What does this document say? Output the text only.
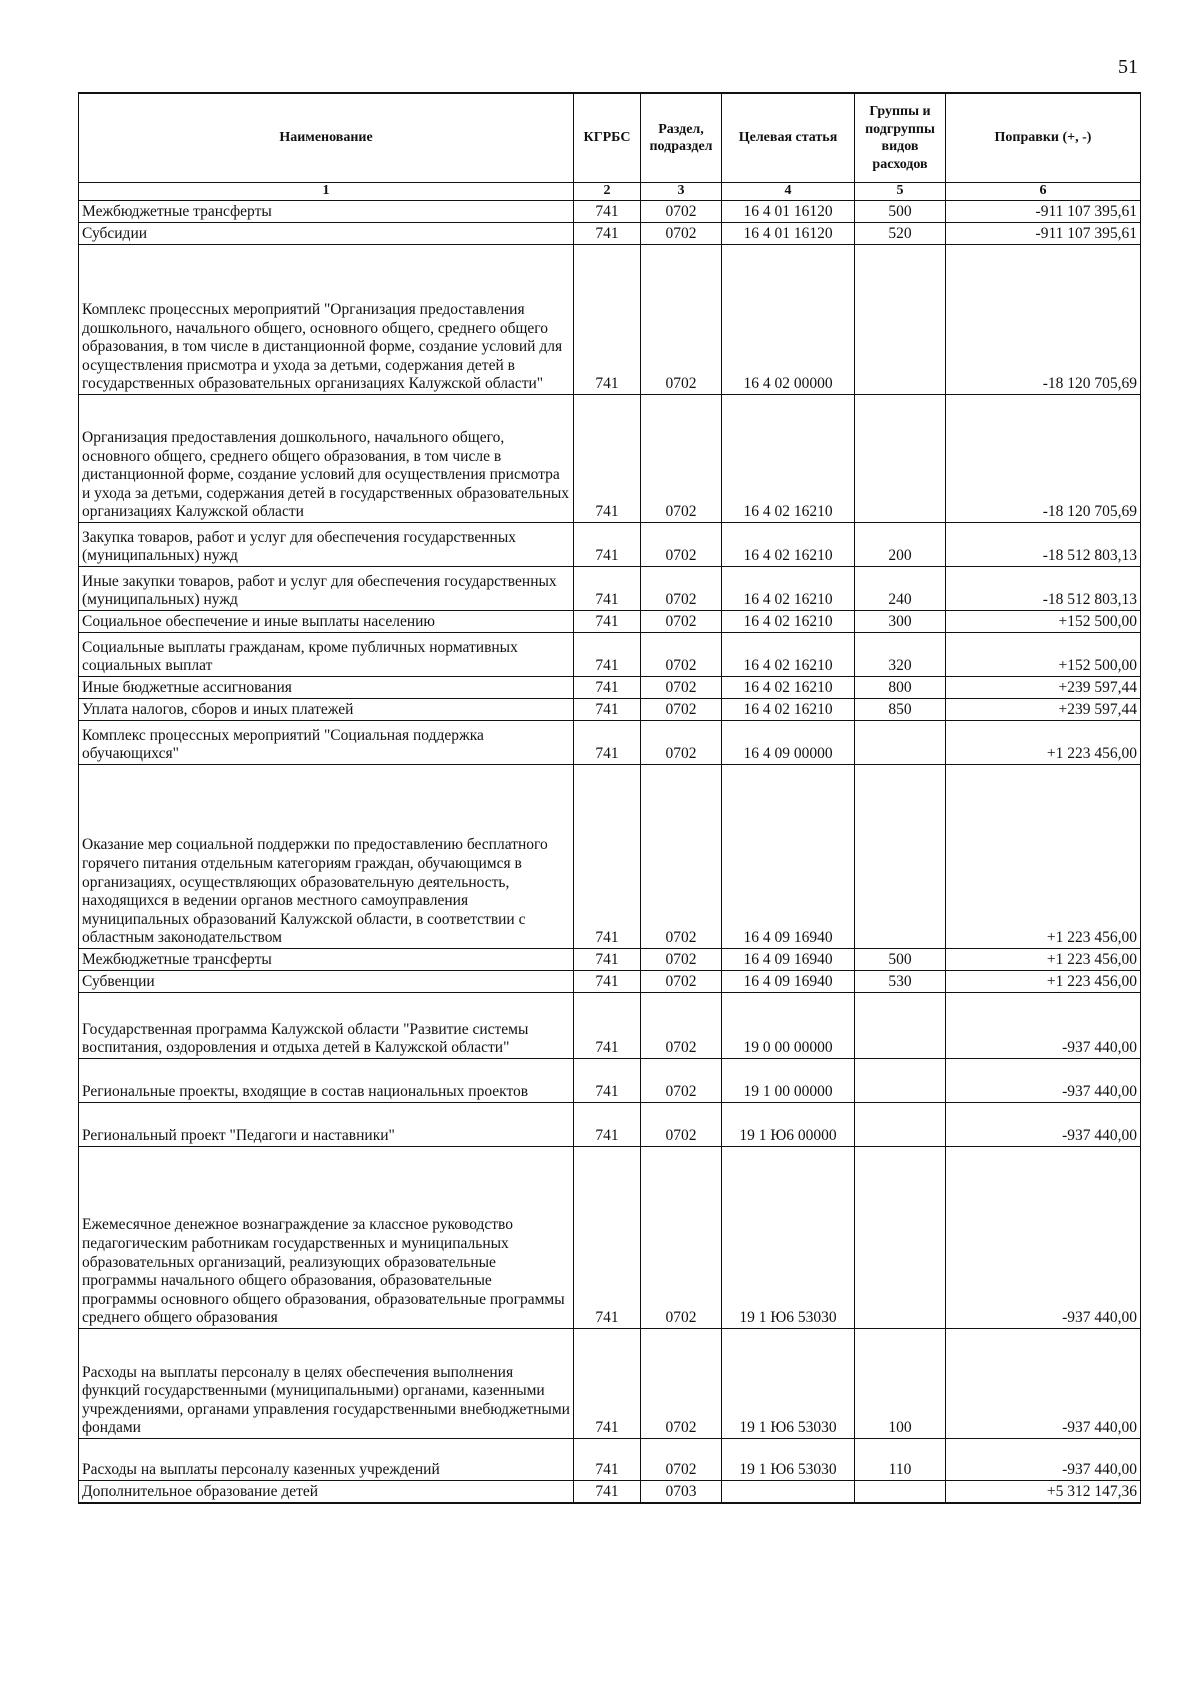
51
Наименование	КГРБС	Раздел, подраздел	Целевая статья	Группы и подгруппы видов расходов	Поправки (+, -)
1	2	3	4	5	6
Межбюджетные трансферты	741	0702	16 4 01 16120	500	-911 107 395,61
Субсидии	741	0702	16 4 01 16120	520	-911 107 395,61
Комплекс процессных мероприятий "Организация предоставления дошкольного, начального общего, основного общего, среднего общего образования, в том числе в дистанционной форме, создание условий для осуществления присмотра и ухода за детьми, содержания детей в государственных образовательных организациях Калужской области"	741	0702	16 4 02 00000		-18 120 705,69
Организация предоставления дошкольного, начального общего, основного общего, среднего общего образования, в том числе в дистанционной форме, создание условий для осуществления присмотра и ухода за детьми, содержания детей в государственных образовательных организациях Калужской области	741	0702	16 4 02 16210		-18 120 705,69
Закупка товаров, работ и услуг для обеспечения государственных (муниципальных) нужд	741	0702	16 4 02 16210	200	-18 512 803,13
Иные закупки товаров, работ и услуг для обеспечения государственных (муниципальных) нужд	741	0702	16 4 02 16210	240	-18 512 803,13
Социальное обеспечение и иные выплаты населению	741	0702	16 4 02 16210	300	+152 500,00
Социальные выплаты гражданам, кроме публичных нормативных социальных выплат	741	0702	16 4 02 16210	320	+152 500,00
Иные бюджетные ассигнования	741	0702	16 4 02 16210	800	+239 597,44
Уплата налогов, сборов и иных платежей	741	0702	16 4 02 16210	850	+239 597,44
Комплекс процессных мероприятий "Социальная поддержка обучающихся"	741	0702	16 4 09 00000		+1 223 456,00
Оказание мер социальной поддержки по предоставлению бесплатного горячего питания отдельным категориям граждан, обучающимся в организациях, осуществляющих образовательную деятельность, находящихся в ведении органов местного самоуправления муниципальных образований Калужской области, в соответствии с областным законодательством	741	0702	16 4 09 16940		+1 223 456,00
Межбюджетные трансферты	741	0702	16 4 09 16940	500	+1 223 456,00
Субвенции	741	0702	16 4 09 16940	530	+1 223 456,00
Государственная программа Калужской области "Развитие системы воспитания, оздоровления и отдыха детей в Калужской области"	741	0702	19 0 00 00000		-937 440,00
Региональные проекты, входящие в состав национальных проектов	741	0702	19 1 00 00000		-937 440,00
Региональный проект "Педагоги и наставники"	741	0702	19 1 Ю6 00000		-937 440,00
Ежемесячное денежное вознаграждение за классное руководство педагогическим работникам государственных и муниципальных образовательных организаций, реализующих образовательные программы начального общего образования, образовательные программы основного общего образования, образовательные программы среднего общего образования	741	0702	19 1 Ю6 53030		-937 440,00
Расходы на выплаты персоналу в целях обеспечения выполнения функций государственными (муниципальными) органами, казенными учреждениями, органами управления государственными внебюджетными фондами	741	0702	19 1 Ю6 53030	100	-937 440,00
Расходы на выплаты персоналу казенных учреждений	741	0702	19 1 Ю6 53030	110	-937 440,00
Дополнительное образование детей	741	0703			+5 312 147,36
